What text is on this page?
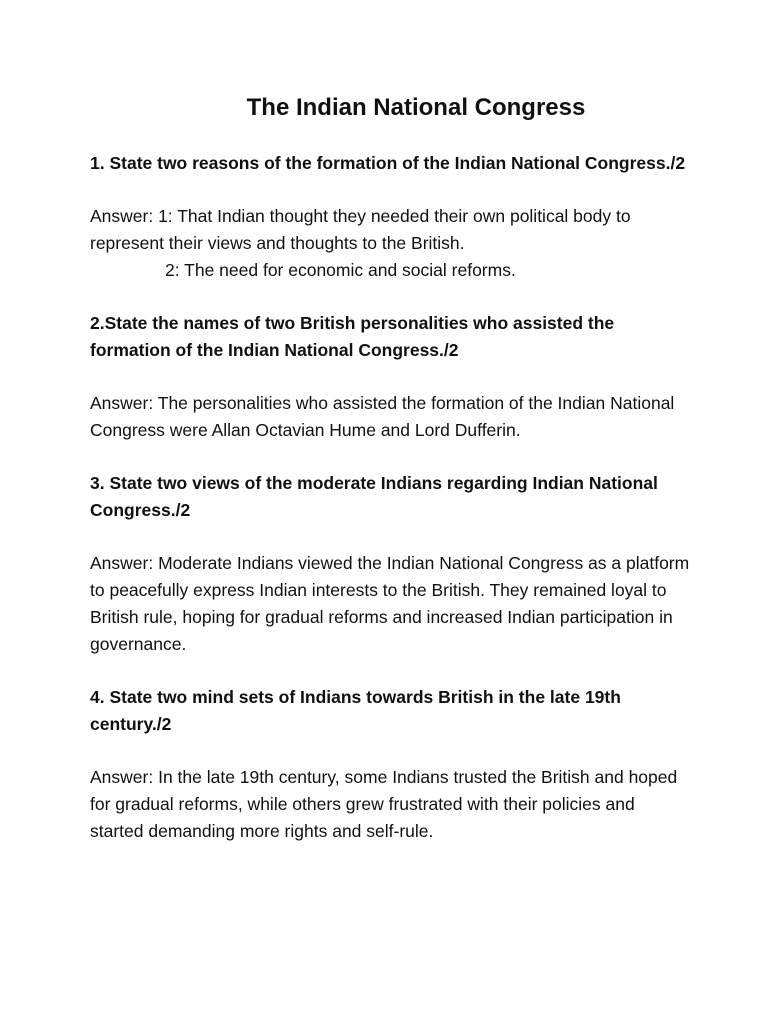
The Indian National Congress

1. State two reasons of the formation of the Indian National Congress./2

Answer: 1: That Indian thought they needed their own political body to represent their views and thoughts to the British.
2: The need for economic and social reforms.

2.State the names of two British personalities who assisted the formation of the Indian National Congress./2

Answer: The personalities who assisted the formation of the Indian National Congress were Allan Octavian Hume and Lord Dufferin.

3. State two views of the moderate Indians regarding Indian National Congress./2

Answer: Moderate Indians viewed the Indian National Congress as a platform to peacefully express Indian interests to the British. They remained loyal to British rule, hoping for gradual reforms and increased Indian participation in governance.

4. State two mind sets of Indians towards British in the late 19th century./2

Answer: In the late 19th century, some Indians trusted the British and hoped for gradual reforms, while others grew frustrated with their policies and started demanding more rights and self-rule.
